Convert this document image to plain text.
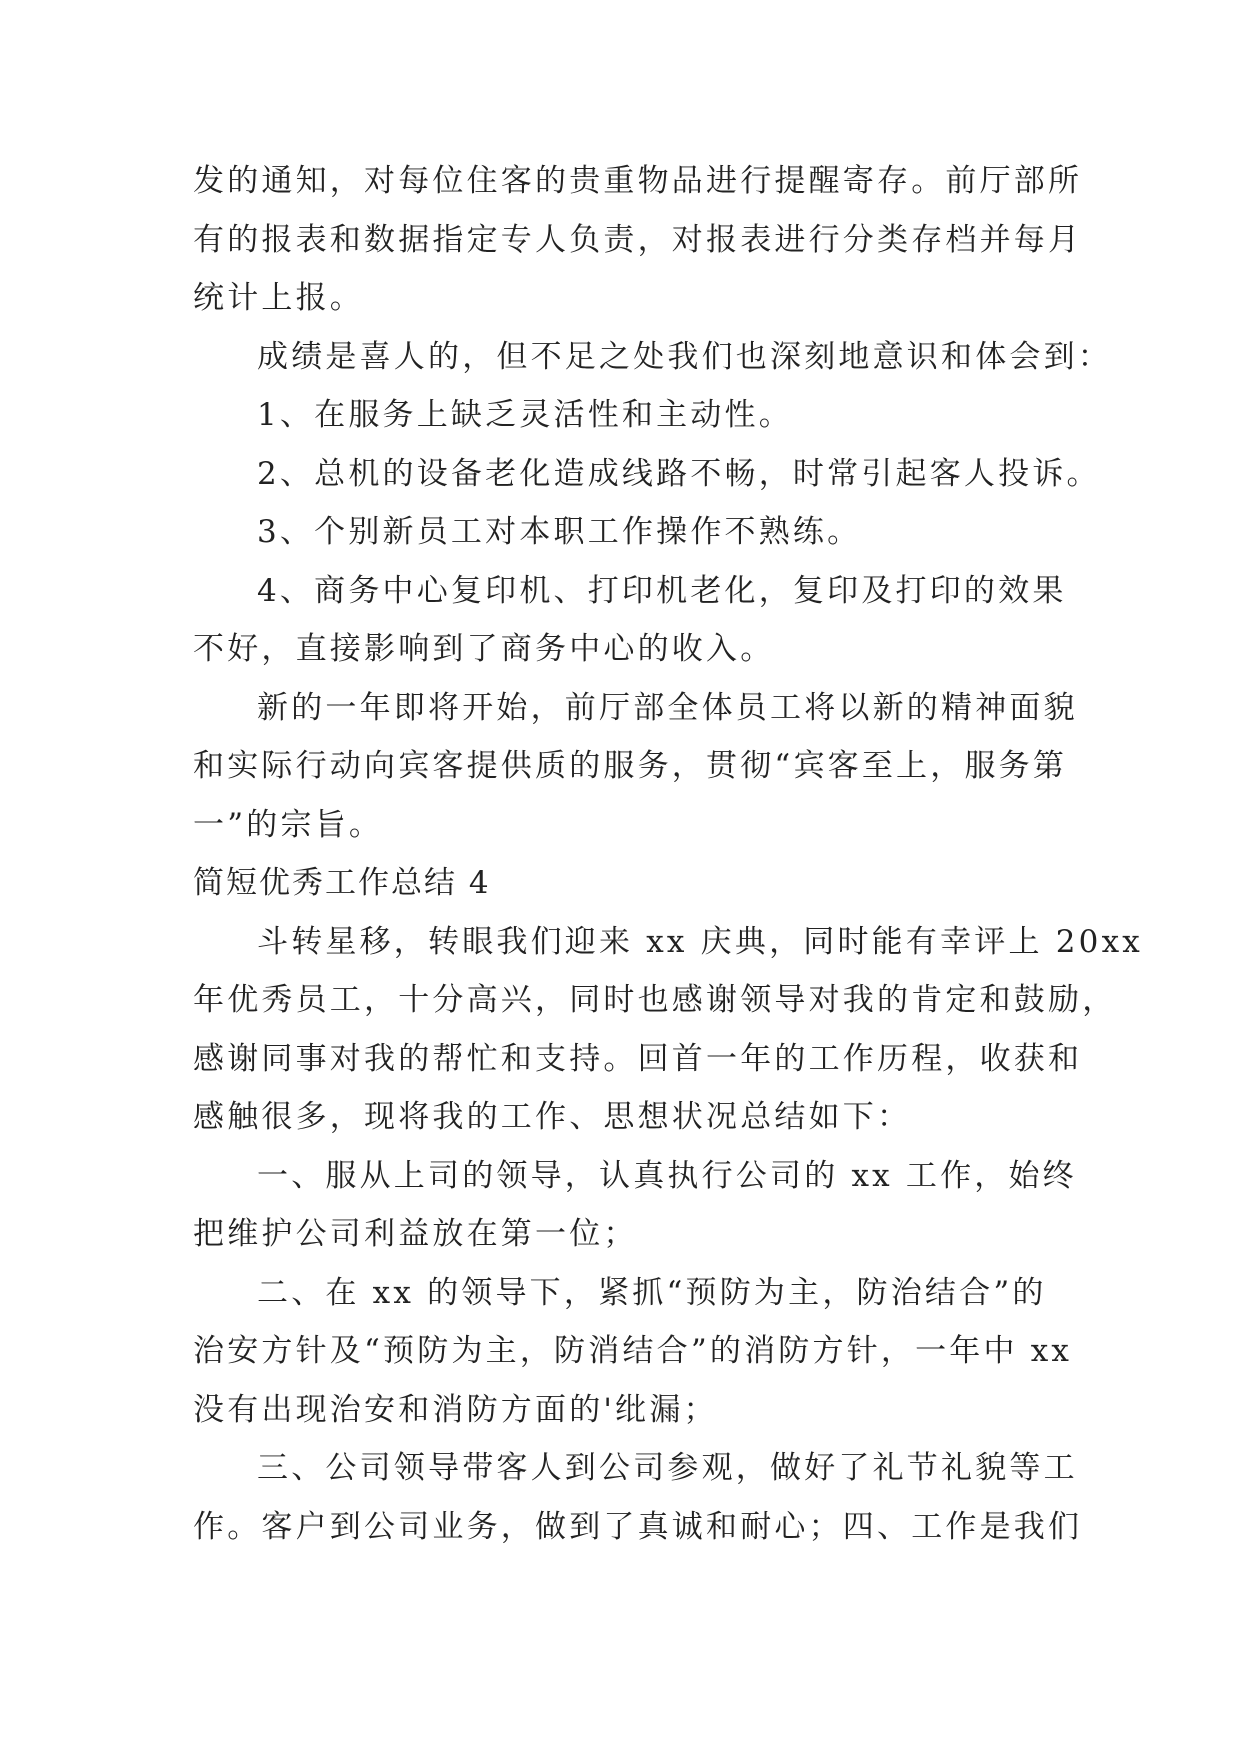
发的通知，对每位住客的贵重物品进行提醒寄存。前厅部所
有的报表和数据指定专人负责，对报表进行分类存档并每月
统计上报。
成绩是喜人的，但不足之处我们也深刻地意识和体会到：
1、在服务上缺乏灵活性和主动性。
2、总机的设备老化造成线路不畅，时常引起客人投诉。
3、个别新员工对本职工作操作不熟练。
4、商务中心复印机、打印机老化，复印及打印的效果
不好，直接影响到了商务中心的收入。
新的一年即将开始，前厅部全体员工将以新的精神面貌
和实际行动向宾客提供质的服务，贯彻“宾客至上，服务第
一”的宗旨。
简短优秀工作总结 4
斗转星移，转眼我们迎来 xx 庆典，同时能有幸评上 20xx
年优秀员工，十分高兴，同时也感谢领导对我的肯定和鼓励，
感谢同事对我的帮忙和支持。回首一年的工作历程，收获和
感触很多，现将我的工作、思想状况总结如下：
一、服从上司的领导，认真执行公司的 xx 工作，始终
把维护公司利益放在第一位；
二、在 xx 的领导下，紧抓“预防为主，防治结合”的
治安方针及“预防为主，防消结合”的消防方针，一年中 xx
没有出现治安和消防方面的'纰漏；
三、公司领导带客人到公司参观，做好了礼节礼貌等工
作。客户到公司业务，做到了真诚和耐心；四、工作是我们
